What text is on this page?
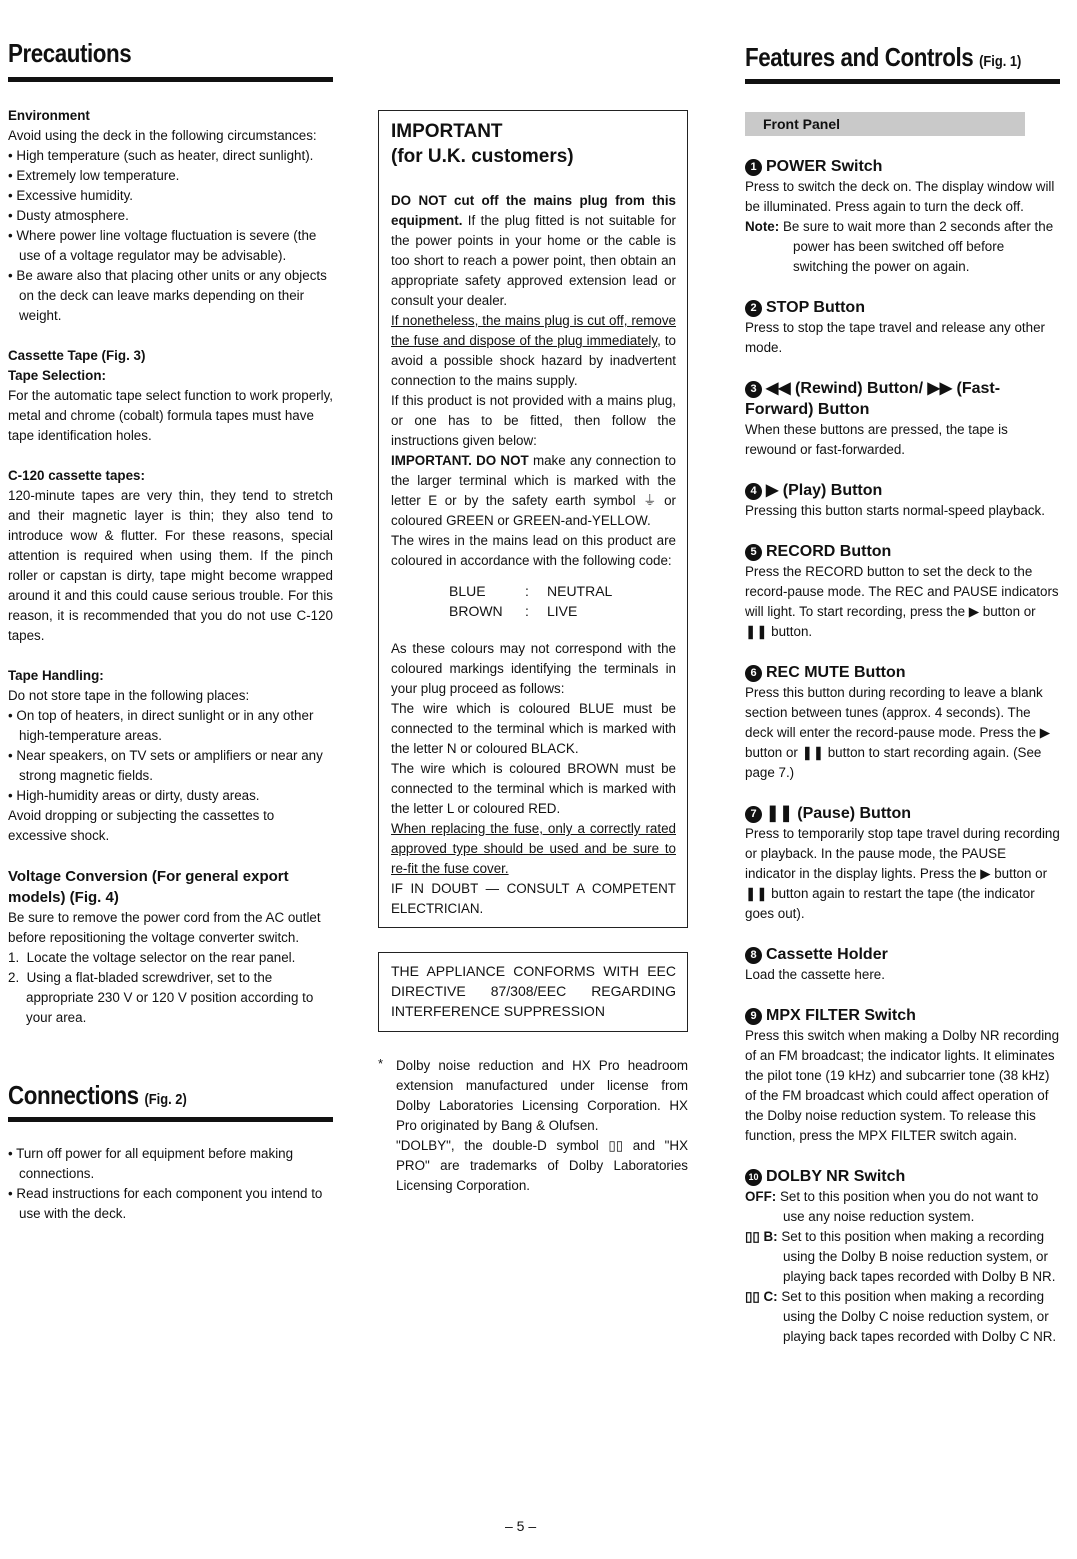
Precautions

Environment

Avoid using the deck in the following circumstances:

• High temperature (such as heater, direct sunlight).

• Extremely low temperature.

• Excessive humidity.

• Dusty atmosphere.

• Where power line voltage fluctuation is severe (the use of a voltage regulator may be advisable).

• Be aware also that placing other units or any objects on the deck can leave marks depending on their weight.

Cassette Tape (Fig. 3)

Tape Selection:

For the automatic tape select function to work properly, metal and chrome (cobalt) formula tapes must have tape identification holes.

C-120 cassette tapes:

120-minute tapes are very thin, they tend to stretch and their magnetic layer is thin; they also tend to introduce wow & flutter. For these reasons, special attention is required when using them. If the pinch roller or capstan is dirty, tape might become wrapped around it and this could cause serious trouble. For this reason, it is recommended that you do not use C-120 tapes.

Tape Handling:

Do not store tape in the following places:

• On top of heaters, in direct sunlight or in any other high-temperature areas.

• Near speakers, on TV sets or amplifiers or near any strong magnetic fields.

• High-humidity areas or dirty, dusty areas.

Avoid dropping or subjecting the cassettes to excessive shock.

Voltage Conversion (For general export models) (Fig. 4)

Be sure to remove the power cord from the AC outlet before repositioning the voltage converter switch.

1. Locate the voltage selector on the rear panel.

2. Using a flat-bladed screwdriver, set to the appropriate 230 V or 120 V position according to your area.

Connections (Fig. 2)

• Turn off power for all equipment before making connections.

• Read instructions for each component you intend to use with the deck.

IMPORTANT

(for U.K. customers)

DO NOT cut off the mains plug from this equipment. If the plug fitted is not suitable for the power points in your home or the cable is too short to reach a power point, then obtain an appropriate safety approved extension lead or consult your dealer.

If nonetheless, the mains plug is cut off, remove the fuse and dispose of the plug immediately, to avoid a possible shock hazard by inadvertent connection to the mains supply.

If this product is not provided with a mains plug, or one has to be fitted, then follow the instructions given below:

IMPORTANT. DO NOT make any connection to the larger terminal which is marked with the letter E or by the safety earth symbol ⏚ or coloured GREEN or GREEN-and-YELLOW.

The wires in the mains lead on this product are coloured in accordance with the following code:

BLUE	: NEUTRAL
BROWN : LIVE

As these colours may not correspond with the coloured markings identifying the terminals in your plug proceed as follows:

The wire which is coloured BLUE must be connected to the terminal which is marked with the letter N or coloured BLACK.

The wire which is coloured BROWN must be connected to the terminal which is marked with the letter L or coloured RED.

When replacing the fuse, only a correctly rated approved type should be used and be sure to re-fit the fuse cover.

IF IN DOUBT — CONSULT A COMPETENT ELECTRICIAN.

THE APPLIANCE CONFORMS WITH EEC DIRECTIVE 87/308/EEC REGARDING INTERFERENCE SUPPRESSION

* Dolby noise reduction and HX Pro headroom extension manufactured under license from Dolby Laboratories Licensing Corporation. HX Pro originated by Bang & Olufsen.

"DOLBY", the double-D symbol ▯▯ and "HX PRO" are trademarks of Dolby Laboratories Licensing Corporation.

Features and Controls (Fig. 1)
Front Panel

1 POWER Switch

Press to switch the deck on. The display window will be illuminated. Press again to turn the deck off.

Note: Be sure to wait more than 2 seconds after the power has been switched off before switching the power on again.

2 STOP Button

Press to stop the tape travel and release any other mode.

3 ◀◀ (Rewind) Button/ ▶▶ (Fast-Forward) Button

When these buttons are pressed, the tape is rewound or fast-forwarded.

4 ▶ (Play) Button

Pressing this button starts normal-speed playback.

5 RECORD Button

Press the RECORD button to set the deck to the record-pause mode. The REC and PAUSE indicators will light. To start recording, press the ▶ button or ❚❚ button.

6 REC MUTE Button

Press this button during recording to leave a blank section between tunes (approx. 4 seconds). The deck will enter the record-pause mode. Press the ▶ button or ❚❚ button to start recording again. (See page 7.)

7 ❚❚ (Pause) Button

Press to temporarily stop tape travel during recording or playback. In the pause mode, the PAUSE indicator in the display lights. Press the ▶ button or ❚❚ button again to restart the tape (the indicator goes out).

8 Cassette Holder

Load the cassette here.

9 MPX FILTER Switch

Press this switch when making a Dolby NR recording of an FM broadcast; the indicator lights. It eliminates the pilot tone (19 kHz) and subcarrier tone (38 kHz) of the FM broadcast which could affect operation of the Dolby noise reduction system. To release this function, press the MPX FILTER switch again.

10 DOLBY NR Switch

OFF: Set to this position when you do not want to use any noise reduction system.

▯▯ B: Set to this position when making a recording using the Dolby B noise reduction system, or playing back tapes recorded with Dolby B NR.

▯▯ C: Set to this position when making a recording using the Dolby C noise reduction system, or playing back tapes recorded with Dolby C NR.

– 5 –
